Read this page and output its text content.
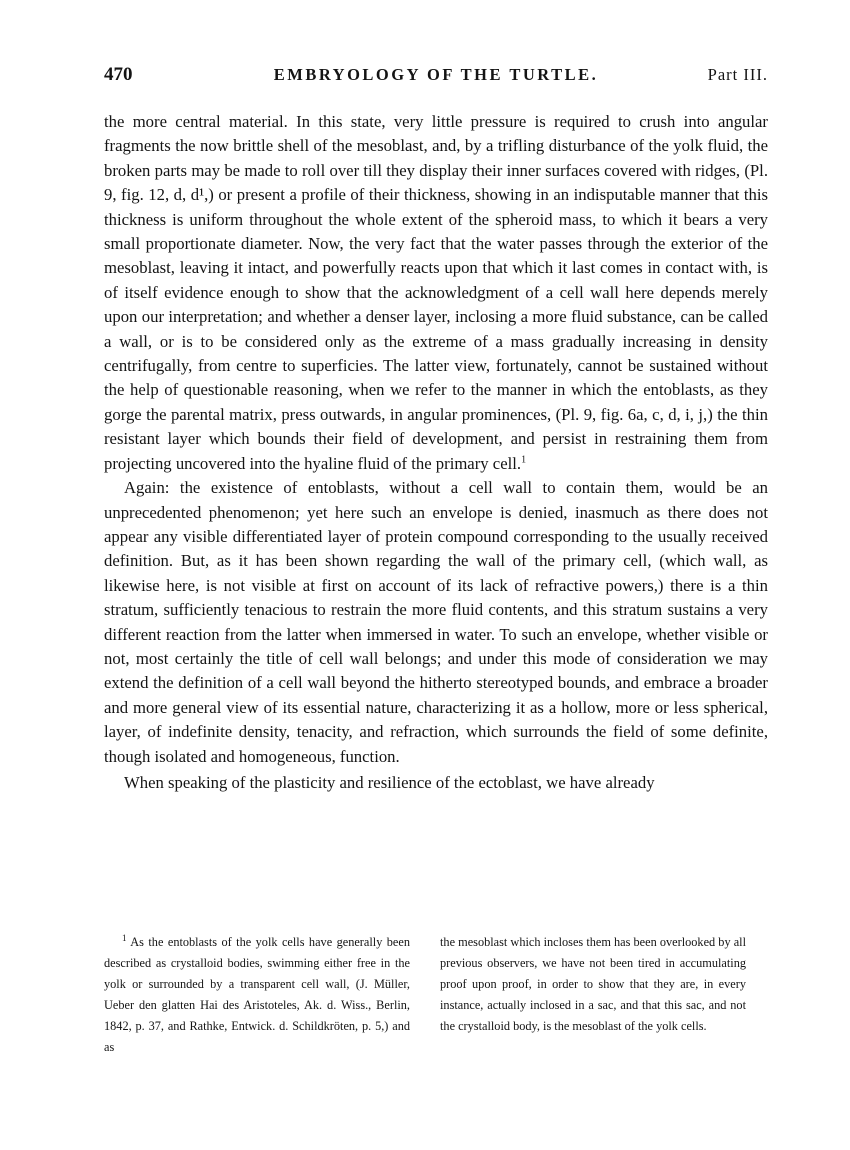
470	EMBRYOLOGY OF THE TURTLE.	Part III.

the more central material. In this state, very little pressure is required to crush into angular fragments the now brittle shell of the mesoblast, and, by a trifling disturbance of the yolk fluid, the broken parts may be made to roll over till they display their inner surfaces covered with ridges, (Pl. 9, fig. 12, d, d¹,) or present a profile of their thickness, showing in an indisputable manner that this thickness is uniform throughout the whole extent of the spheroid mass, to which it bears a very small proportionate diameter. Now, the very fact that the water passes through the exterior of the mesoblast, leaving it intact, and powerfully reacts upon that which it last comes in contact with, is of itself evidence enough to show that the acknowledgment of a cell wall here depends merely upon our interpretation; and whether a denser layer, inclosing a more fluid substance, can be called a wall, or is to be considered only as the extreme of a mass gradually increasing in density centrifugally, from centre to superficies. The latter view, fortunately, cannot be sustained without the help of questionable reasoning, when we refer to the manner in which the entoblasts, as they gorge the parental matrix, press outwards, in angular prominences, (Pl. 9, fig. 6a, c, d, i, j,) the thin resistant layer which bounds their field of development, and persist in restraining them from projecting uncovered into the hyaline fluid of the primary cell.$^1$

Again: the existence of entoblasts, without a cell wall to contain them, would be an unprecedented phenomenon; yet here such an envelope is denied, inasmuch as there does not appear any visible differentiated layer of protein compound corresponding to the usually received definition. But, as it has been shown regarding the wall of the primary cell, (which wall, as likewise here, is not visible at first on account of its lack of refractive powers,) there is a thin stratum, sufficiently tenacious to restrain the more fluid contents, and this stratum sustains a very different reaction from the latter when immersed in water. To such an envelope, whether visible or not, most certainly the title of cell wall belongs; and under this mode of consideration we may extend the definition of a cell wall beyond the hitherto stereotyped bounds, and embrace a broader and more general view of its essential nature, characterizing it as a hollow, more or less spherical, layer, of indefinite density, tenacity, and refraction, which surrounds the field of some definite, though isolated and homogeneous, function.

When speaking of the plasticity and resilience of the ectoblast, we have already

$^1$ As the entoblasts of the yolk cells have generally been described as crystalloid bodies, swimming either free in the yolk or surrounded by a transparent cell wall, (J. Müller, Ueber den glatten Hai des Aristoteles, Ak. d. Wiss., Berlin, 1842, p. 37, and Rathke, Entwick. d. Schildkröten, p. 5,) and as

the mesoblast which incloses them has been overlooked by all previous observers, we have not been tired in accumulating proof upon proof, in order to show that they are, in every instance, actually inclosed in a sac, and that this sac, and not the crystalloid body, is the mesoblast of the yolk cells.
